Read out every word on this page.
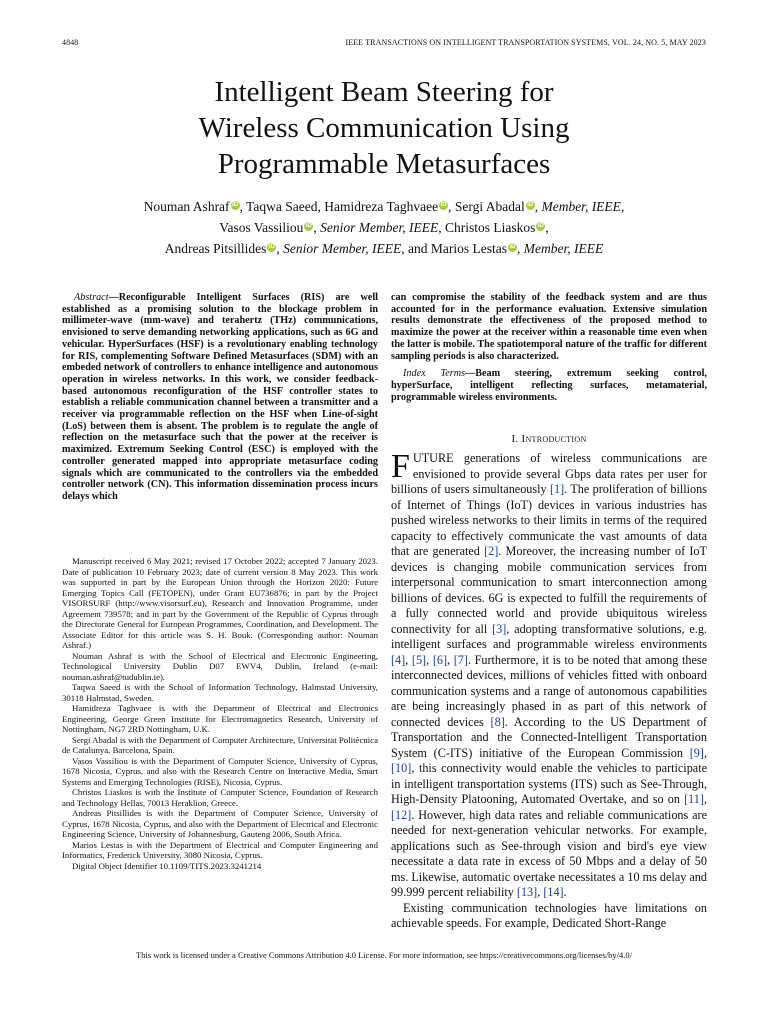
4848	IEEE TRANSACTIONS ON INTELLIGENT TRANSPORTATION SYSTEMS, VOL. 24, NO. 5, MAY 2023
Intelligent Beam Steering for
Wireless Communication Using
Programmable Metasurfaces
Nouman Ashraf iD , Taqwa Saeed, Hamidreza Taghvaee iD , Sergi Abadal iD , Member, IEEE,
Vasos Vassiliou iD , Senior Member, IEEE, Christos Liaskos iD ,
Andreas Pitsillides iD , Senior Member, IEEE, and Marios Lestas iD , Member, IEEE

Abstract—Reconfigurable Intelligent Surfaces (RIS) are well established as a promising solution to the blockage problem in millimeter-wave (mm-wave) and terahertz (THz) communications, envisioned to serve demanding networking applications, such as 6G and vehicular. HyperSurfaces (HSF) is a revolutionary enabling technology for RIS, complementing Software Defined Metasurfaces (SDM) with an embeded network of controllers to enhance intelligence and autonomous operation in wireless networks. In this work, we consider feedback-based autonomous reconfiguration of the HSF controller states to establish a reliable communication channel between a transmitter and a receiver via programmable reflection on the HSF when Line-of-sight (LoS) between them is absent. The problem is to regulate the angle of reflection on the metasurface such that the power at the receiver is maximized. Extremum Seeking Control (ESC) is employed with the controller generated mapped into appropriate metasurface coding signals which are communicated to the controllers via the embedded controller network (CN). This information dissemination process incurs delays which

can compromise the stability of the feedback system and are thus accounted for in the performance evaluation. Extensive simulation results demonstrate the effectiveness of the proposed method to maximize the power at the receiver within a reasonable time even when the latter is mobile. The spatiotemporal nature of the traffic for different sampling periods is also characterized.

Index Terms—Beam steering, extremum seeking control, hyperSurface, intelligent reflecting surfaces, metamaterial, programmable wireless environments.

Manuscript received 6 May 2021; revised 17 October 2022; accepted 7 January 2023. Date of publication 10 February 2023; date of current version 8 May 2023. This work was supported in part by the European Union through the Horizon 2020: Future Emerging Topics Call (FETOPEN), under Grant EU736876; in part by the Project VISORSURF (http://www.visorsurf.eu), Research and Innovation Programme, under Agreement 739578; and in part by the Government of the Republic of Cyprus through the Directorate General for European Programmes, Coordination, and Development. The Associate Editor for this article was S. H. Bouk. (Corresponding author: Nouman Ashraf.)

Nouman Ashraf is with the School of Electrical and Electronic Engineering, Technological University Dublin D07 EWV4, Dublin, Ireland (e-mail: nouman.ashraf@tudublin.ie).

Taqwa Saeed is with the School of Information Technology, Halmstad University, 30118 Halmstad, Sweden.

Hamidreza Taghvaee is with the Department of Electrical and Electronics Engineering, George Green Institute for Electromagnetics Research, University of Nottingham, NG7 2RD Nottingham, U.K.

Sergi Abadal is with the Department of Computer Architecture, Universitat Politècnica de Catalunya, Barcelona, Spain.

Vasos Vassiliou is with the Department of Computer Science, University of Cyprus, 1678 Nicosia, Cyprus, and also with the Research Centre on Interactive Media, Smart Systems and Emerging Technologies (RISE), Nicosia, Cyprus.

Christos Liaskos is with the Institute of Computer Science, Foundation of Research and Technology Hellas, 70013 Heraklion, Greece.

Andreas Pitsillides is with the Department of Computer Science, University of Cyprus, 1678 Nicosia, Cyprus, and also with the Department of Electrical and Electronic Engineering Science, University of Johannesburg, Gauteng 2006, South Africa.

Marios Lestas is with the Department of Electrical and Computer Engineering and Informatics, Frederick University, 3080 Nicosia, Cyprus.

Digital Object Identifier 10.1109/TITS.2023.3241214

I. Introduction

FUTURE generations of wireless communications are envisioned to provide several Gbps data rates per user for billions of users simultaneously [1]. The proliferation of billions of Internet of Things (IoT) devices in various industries has pushed wireless networks to their limits in terms of the required capacity to effectively communicate the vast amounts of data that are generated [2]. Moreover, the increasing number of IoT devices is changing mobile communication services from interpersonal communication to smart interconnection among billions of devices. 6G is expected to fulfill the requirements of a fully connected world and provide ubiquitous wireless connectivity for all [3], adopting transformative solutions, e.g. intelligent surfaces and programmable wireless environments [4], [5], [6], [7]. Furthermore, it is to be noted that among these interconnected devices, millions of vehicles fitted with onboard communication systems and a range of autonomous capabilities are being increasingly phased in as part of this network of connected devices [8]. According to the US Department of Transportation and the Connected-Intelligent Transportation System (C-ITS) initiative of the European Commission [9], [10], this connectivity would enable the vehicles to participate in intelligent transportation systems (ITS) such as See-Through, High-Density Platooning, Automated Overtake, and so on [11], [12]. However, high data rates and reliable communications are needed for next-generation vehicular networks. For example, applications such as See-through vision and bird's eye view necessitate a data rate in excess of 50 Mbps and a delay of 50 ms. Likewise, automatic overtake necessitates a 10 ms delay and 99.999 percent reliability [13], [14].

Existing communication technologies have limitations on achievable speeds. For example, Dedicated Short-Range

This work is licensed under a Creative Commons Attribution 4.0 License. For more information, see https://creativecommons.org/licenses/by/4.0/
